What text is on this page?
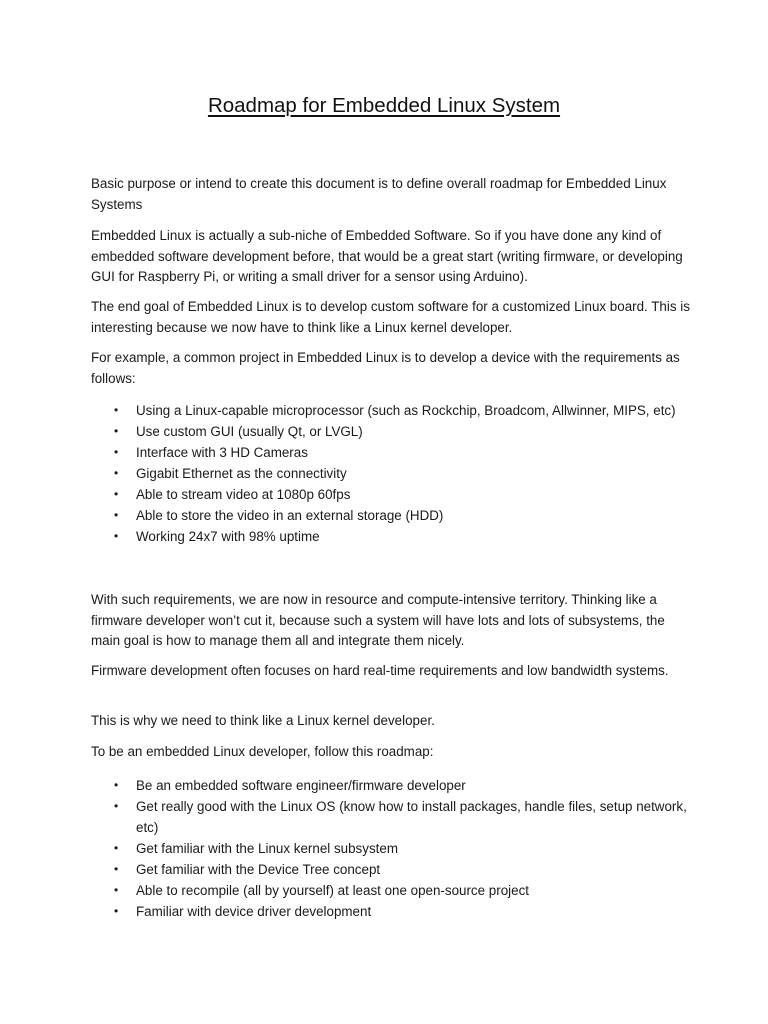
Roadmap for Embedded Linux System

Basic purpose or intend to create this document is to define overall roadmap for Embedded Linux Systems

Embedded Linux is actually a sub-niche of Embedded Software. So if you have done any kind of embedded software development before, that would be a great start (writing firmware, or developing GUI for Raspberry Pi, or writing a small driver for a sensor using Arduino).

The end goal of Embedded Linux is to develop custom software for a customized Linux board. This is interesting because we now have to think like a Linux kernel developer.

For example, a common project in Embedded Linux is to develop a device with the requirements as follows:

• Using a Linux-capable microprocessor (such as Rockchip, Broadcom, Allwinner, MIPS, etc)
• Use custom GUI (usually Qt, or LVGL)
• Interface with 3 HD Cameras
• Gigabit Ethernet as the connectivity
• Able to stream video at 1080p 60fps
• Able to store the video in an external storage (HDD)
• Working 24x7 with 98% uptime

With such requirements, we are now in resource and compute-intensive territory. Thinking like a firmware developer won’t cut it, because such a system will have lots and lots of subsystems, the main goal is how to manage them all and integrate them nicely.

Firmware development often focuses on hard real-time requirements and low bandwidth systems.

This is why we need to think like a Linux kernel developer.

To be an embedded Linux developer, follow this roadmap:

• Be an embedded software engineer/firmware developer
• Get really good with the Linux OS (know how to install packages, handle files, setup network, etc)
• Get familiar with the Linux kernel subsystem
• Get familiar with the Device Tree concept
• Able to recompile (all by yourself) at least one open-source project
• Familiar with device driver development
